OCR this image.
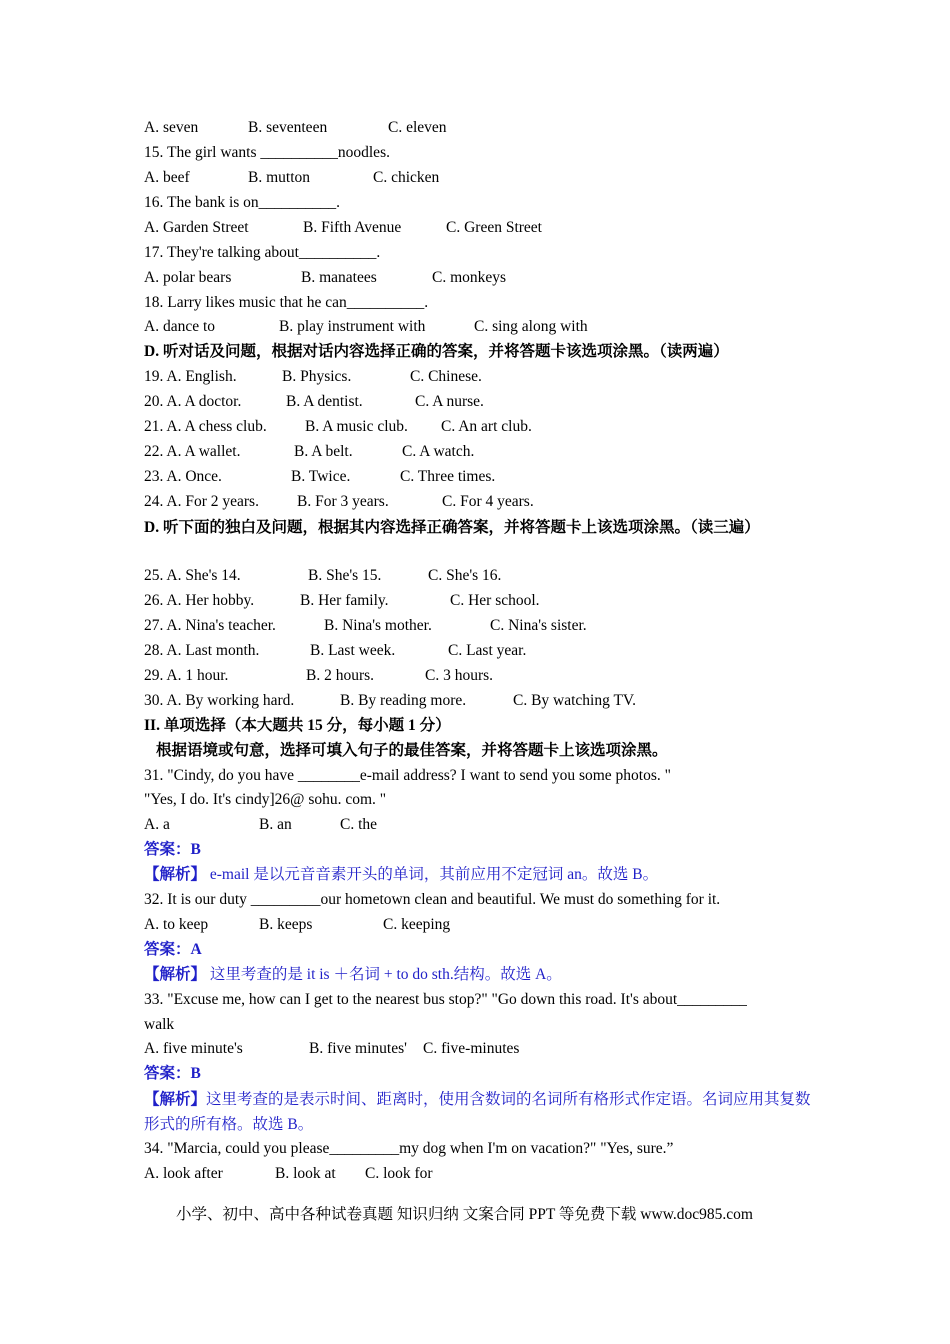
A. seven	B. seventeen	C. eleven
15. The girl wants __________noodles.
A. beef	B. mutton	C. chicken
16. The bank is on__________.
A. Garden Street	B. Fifth Avenue	C. Green Street
17. They're talking about__________.
A. polar bears	B. manatees	C. monkeys
18. Larry likes music that he can__________.
A. dance to	B. play instrument with	C. sing along with
D. 听对话及问题，根据对话内容选择正确的答案，并将答题卡该选项涂黑。（读两遍）
19. A. English.	B. Physics.	C. Chinese.
20. A. A doctor.	B. A dentist.	C. A nurse.
21. A. A chess club. B. A music club. C. An art club.
22. A. A wallet.	B. A belt.	C. A watch.
23. A. Once.	B. Twice.	C. Three times.
24. A. For 2 years. B. For 3 years.	C. For 4 years.
D. 听下面的独白及问题，根据其内容选择正确答案，并将答题卡上该选项涂黑。（读三遍）
25. A. She's 14.	B. She's 15.	C. She's 16.
26. A. Her hobby.	B. Her family.	C. Her school.
27. A. Nina's teacher.	B. Nina's mother.	C. Nina's sister.
28. A. Last month.	B. Last week.	C. Last year.
29. A. 1 hour.	B. 2 hours.	C. 3 hours.
30. A. By working hard.	B. By reading more.	C. By watching TV.
II. 单项选择（本大题共 15 分，每小题 1 分）
根据语境或句意，选择可填入句子的最佳答案，并将答题卡上该选项涂黑。
31. "Cindy, do you have ________e-mail address? I want to send you some photos. "
"Yes, I do. It's cindy]26@ sohu. com. "
A. a	B. an	C. the
答案：B
【解析】 e-mail 是以元音音素开头的单词，其前应用不定冠词 an。故选 B。
32. It is our duty _________our hometown clean and beautiful. We must do something for it.
A. to keep	B. keeps	C. keeping
答案：A
【解析】 这里考查的是 it is ＋名词 + to do sth.结构。故选 A。
33. "Excuse me, how can I get to the nearest bus stop?" "Go down this road. It's about_________
walk
A. five minute's	B. five minutes' C. five-minutes
答案：B
【解析】这里考查的是表示时间、距离时，使用含数词的名词所有格形式作定语。名词应用其复数形式的所有格。故选 B。
34. "Marcia, could you please_________my dog when I'm on vacation?" "Yes, sure.”
A. look after	B. look at C. look for
小学、初中、高中各种试卷真题 知识归纳 文案合同 PPT 等免费下载 www.doc985.com
